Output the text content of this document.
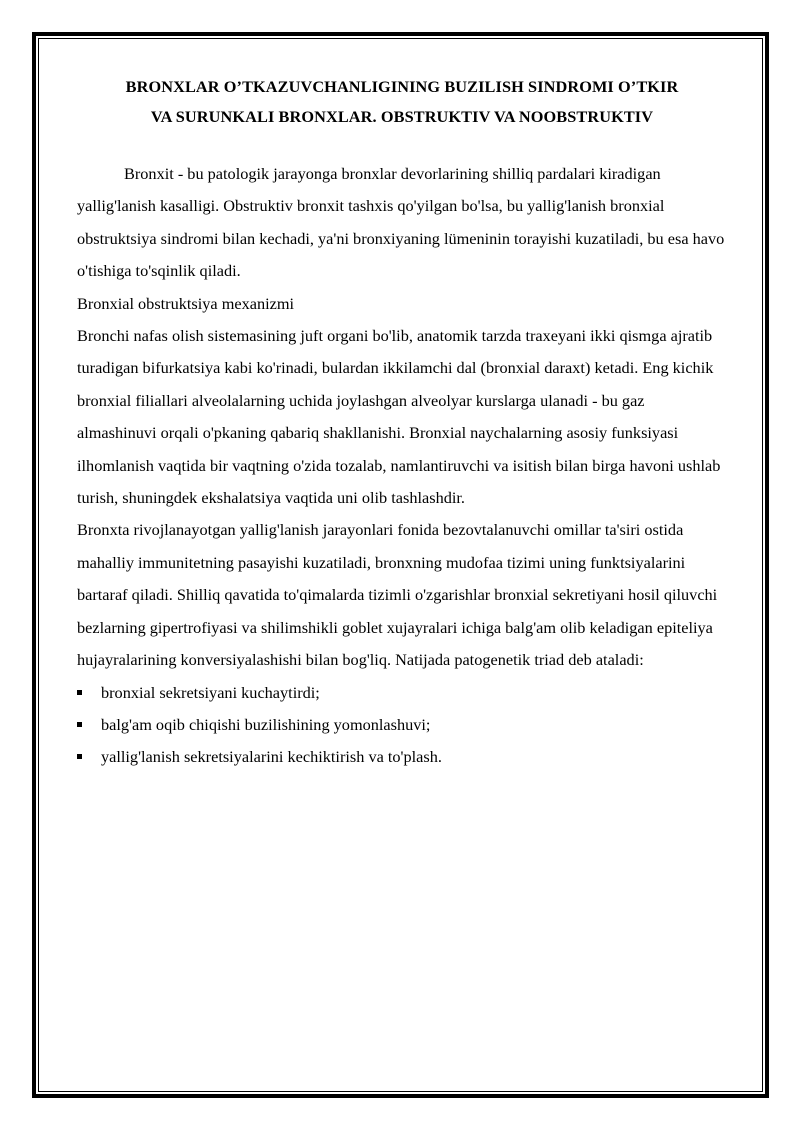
BRONXLAR O’TKAZUVCHANLIGINING BUZILISH SINDROMI O’TKIR
VA SURUNKALI BRONXLAR. OBSTRUKTIV VA NOOBSTRUKTIV

Bronxit - bu patologik jarayonga bronxlar devorlarining shilliq pardalari kiradigan yallig'lanish kasalligi. Obstruktiv bronxit tashxis qo'yilgan bo'lsa, bu yallig'lanish bronxial obstruktsiya sindromi bilan kechadi, ya'ni bronxiyaning lümeninin torayishi kuzatiladi, bu esa havo o'tishiga to'sqinlik qiladi.

Bronxial obstruktsiya mexanizmi

Bronchi nafas olish sistemasining juft organi bo'lib, anatomik tarzda traxeyani ikki qismga ajratib turadigan bifurkatsiya kabi ko'rinadi, bulardan ikkilamchi dal (bronxial daraxt) ketadi. Eng kichik bronxial filiallari alveolalarning uchida joylashgan alveolyar kurslarga ulanadi - bu gaz almashinuvi orqali o'pkaning qabariq shakllanishi. Bronxial naychalarning asosiy funksiyasi ilhomlanish vaqtida bir vaqtning o'zida tozalab, namlantiruvchi va isitish bilan birga havoni ushlab turish, shuningdek ekshalatsiya vaqtida uni olib tashlashdir.

Bronxta rivojlanayotgan yallig'lanish jarayonlari fonida bezovtalanuvchi omillar ta'siri ostida mahalliy immunitetning pasayishi kuzatiladi, bronxning mudofaa tizimi uning funktsiyalarini bartaraf qiladi. Shilliq qavatida to'qimalarda tizimli o'zgarishlar bronxial sekretiyani hosil qiluvchi bezlarning gipertrofiyasi va shilimshikli goblet xujayralari ichiga balg'am olib keladigan epiteliya hujayralarining konversiyalashishi bilan bog'liq. Natijada patogenetik triad deb ataladi:

bronxial sekretsiyani kuchaytirdi;
balg'am oqib chiqishi buzilishining yomonlashuvi;
yallig'lanish sekretsiyalarini kechiktirish va to'plash.
